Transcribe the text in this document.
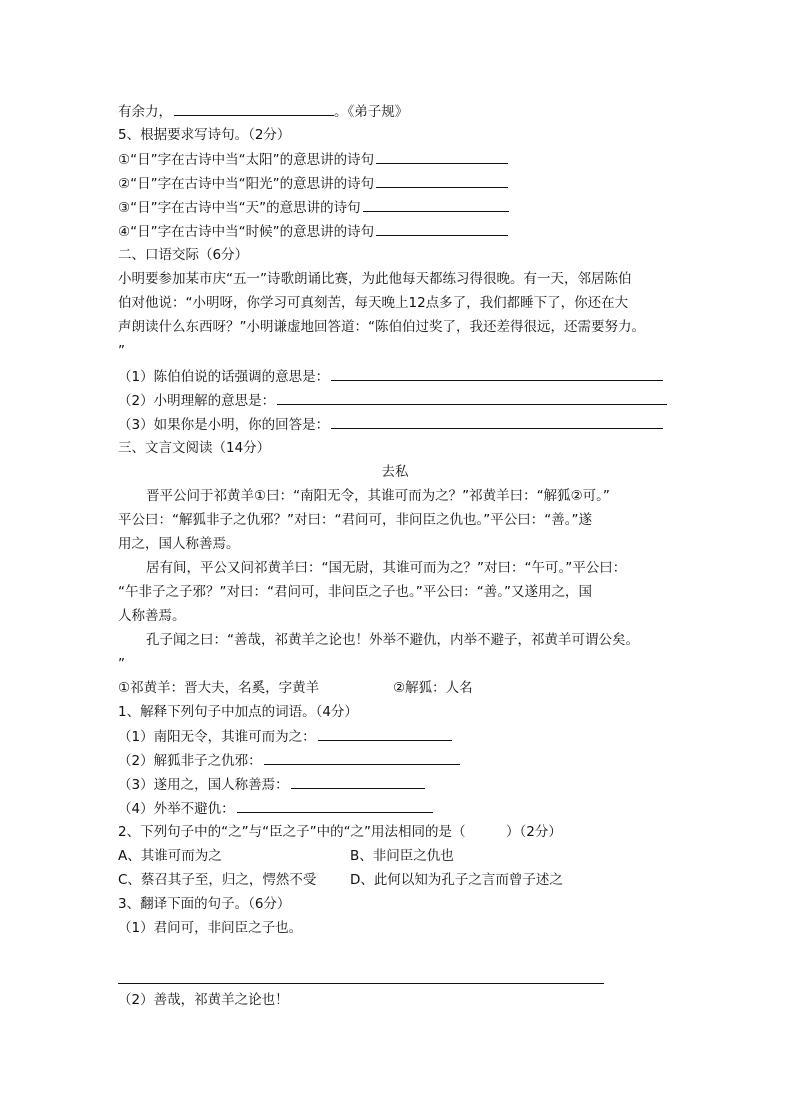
有余力，	。《弟子规》
5、根据要求写诗句。（2分）
①“日”字在古诗中当“太阳”的意思讲的诗句
②“日”字在古诗中当“阳光”的意思讲的诗句
③“日”字在古诗中当“天”的意思讲的诗句
④“日”字在古诗中当“时候”的意思讲的诗句
二、口语交际（6分）
小明要参加某市庆“五一”诗歌朗诵比赛，为此他每天都练习得很晚。有一天，邻居陈伯
伯对他说：“小明呀，你学习可真刻苦，每天晚上12点多了，我们都睡下了，你还在大
声朗读什么东西呀？”小明谦虚地回答道：“陈伯伯过奖了，我还差得很远，还需要努力。
”
（1）陈伯伯说的话强调的意思是：
（2）小明理解的意思是：
（3）如果你是小明，你的回答是：
三、文言文阅读（14分）
去私
晋平公问于祁黄羊①曰：“南阳无令，其谁可而为之？”祁黄羊曰：“解狐②可。”
平公曰：“解狐非子之仇邪？”对曰：“君问可，非问臣之仇也。”平公曰：“善。”遂
用之，国人称善焉。
居有间，平公又问祁黄羊曰：“国无尉，其谁可而为之？”对曰：“午可。”平公曰：
“午非子之子邪？”对曰：“君问可，非问臣之子也。”平公曰：“善。”又遂用之，国
人称善焉。
孔子闻之曰：“善哉，祁黄羊之论也！外举不避仇，内举不避子，祁黄羊可谓公矣。
”
①祁黄羊：晋大夫，名奚，字黄羊	②解狐：人名
1、解释下列句子中加点的词语。（4分）
（1）南阳无令，其谁可而为之：
（2）解狐非子之仇邪：
（3）遂用之，国人称善焉：
（4）外举不避仇：
2、下列句子中的“之”与“臣之子”中的“之”用法相同的是（　　　）（2分）
A、其谁可而为之	B、非问臣之仇也
C、蔡召其子至，归之，愕然不受 D、此何以知为孔子之言而曾子述之
3、翻译下面的句子。（6分）
（1）君问可，非问臣之子也。
（2）善哉，祁黄羊之论也！
